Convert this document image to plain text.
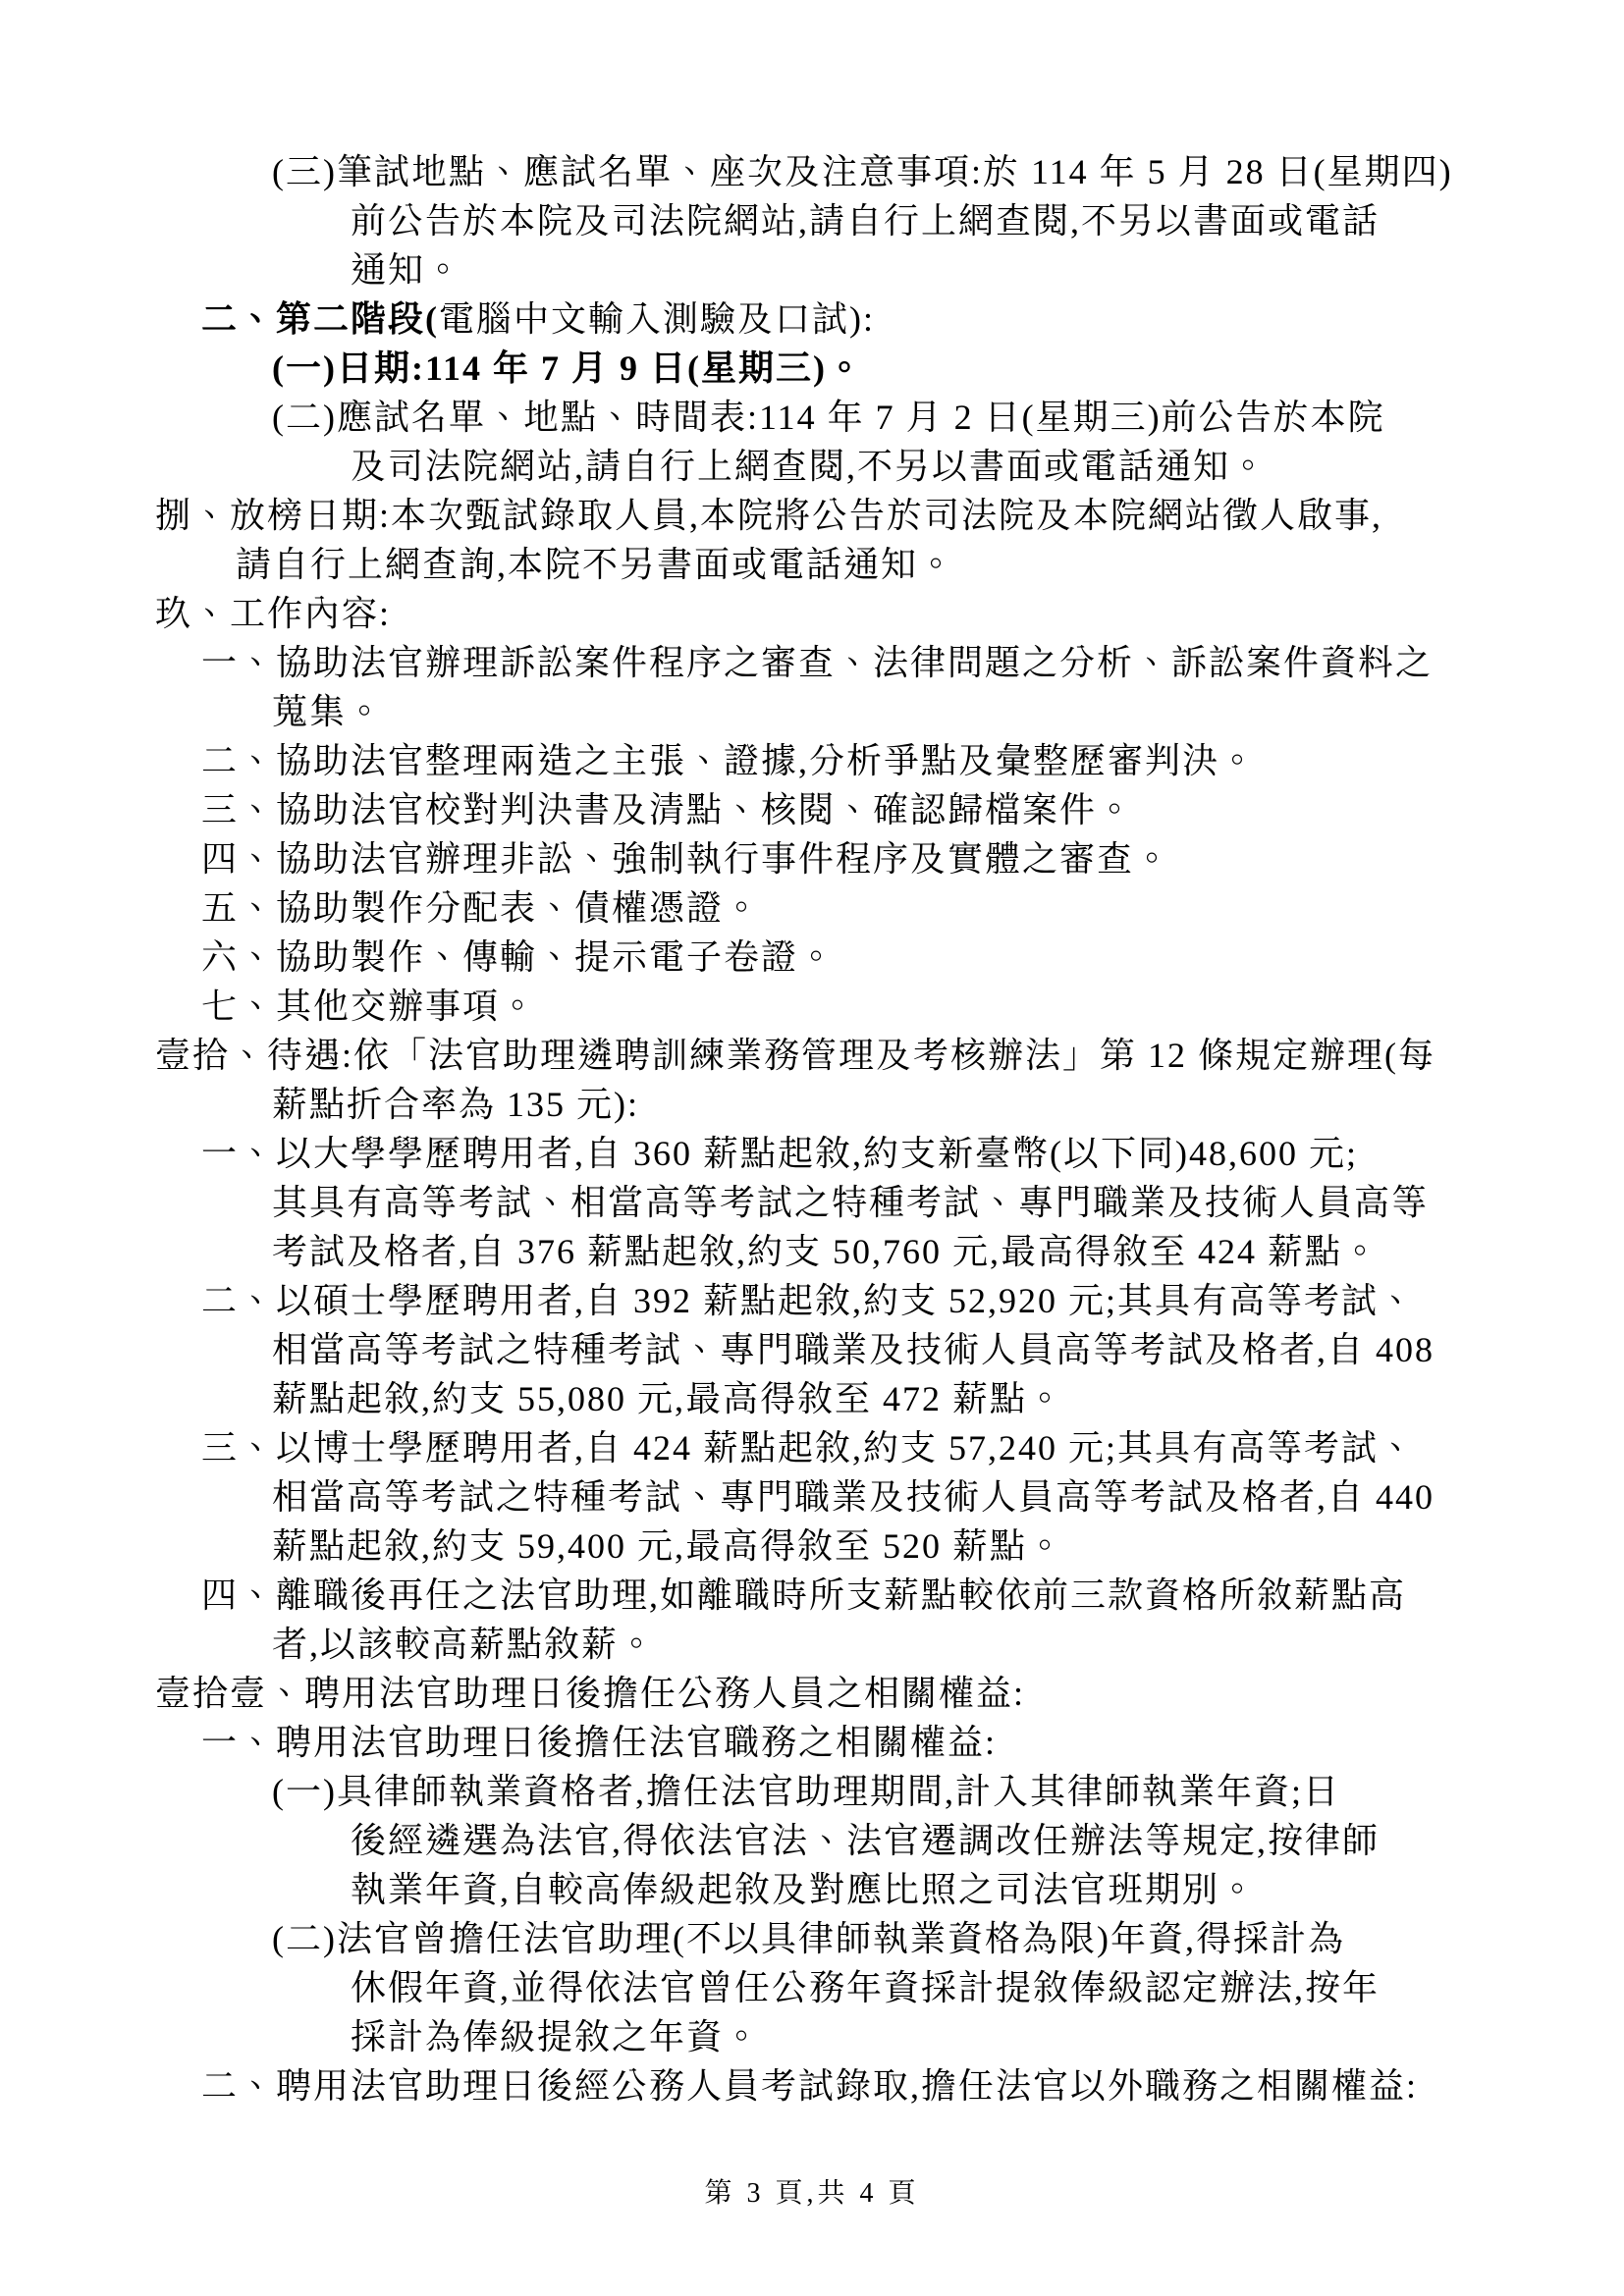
(三)筆試地點、應試名單、座次及注意事項:於 114 年 5 月 28 日(星期四)
前公告於本院及司法院網站,請自行上網查閱,不另以書面或電話
通知。
二、第二階段(電腦中文輸入測驗及口試):
(一)日期:114 年 7 月 9 日(星期三)。
(二)應試名單、地點、時間表:114 年 7 月 2 日(星期三)前公告於本院
及司法院網站,請自行上網查閱,不另以書面或電話通知。
捌、放榜日期:本次甄試錄取人員,本院將公告於司法院及本院網站徵人啟事,
請自行上網查詢,本院不另書面或電話通知。
玖、工作內容:
一、協助法官辦理訴訟案件程序之審查、法律問題之分析、訴訟案件資料之
蒐集。
二、協助法官整理兩造之主張、證據,分析爭點及彙整歷審判決。
三、協助法官校對判決書及清點、核閱、確認歸檔案件。
四、協助法官辦理非訟、強制執行事件程序及實體之審查。
五、協助製作分配表、債權憑證。
六、協助製作、傳輸、提示電子卷證。
七、其他交辦事項。
壹拾、待遇:依「法官助理遴聘訓練業務管理及考核辦法」第 12 條規定辦理(每
薪點折合率為 135 元):
一、以大學學歷聘用者,自 360 薪點起敘,約支新臺幣(以下同)48,600 元;
其具有高等考試、相當高等考試之特種考試、專門職業及技術人員高等
考試及格者,自 376 薪點起敘,約支 50,760 元,最高得敘至 424 薪點。
二、以碩士學歷聘用者,自 392 薪點起敘,約支 52,920 元;其具有高等考試、
相當高等考試之特種考試、專門職業及技術人員高等考試及格者,自 408
薪點起敘,約支 55,080 元,最高得敘至 472 薪點。
三、以博士學歷聘用者,自 424 薪點起敘,約支 57,240 元;其具有高等考試、
相當高等考試之特種考試、專門職業及技術人員高等考試及格者,自 440
薪點起敘,約支 59,400 元,最高得敘至 520 薪點。
四、離職後再任之法官助理,如離職時所支薪點較依前三款資格所敘薪點高
者,以該較高薪點敘薪。
壹拾壹、聘用法官助理日後擔任公務人員之相關權益:
一、聘用法官助理日後擔任法官職務之相關權益:
(一)具律師執業資格者,擔任法官助理期間,計入其律師執業年資;日
後經遴選為法官,得依法官法、法官遷調改任辦法等規定,按律師
執業年資,自較高俸級起敘及對應比照之司法官班期別。
(二)法官曾擔任法官助理(不以具律師執業資格為限)年資,得採計為
休假年資,並得依法官曾任公務年資採計提敘俸級認定辦法,按年
採計為俸級提敘之年資。
二、聘用法官助理日後經公務人員考試錄取,擔任法官以外職務之相關權益:
第 3 頁,共 4 頁
